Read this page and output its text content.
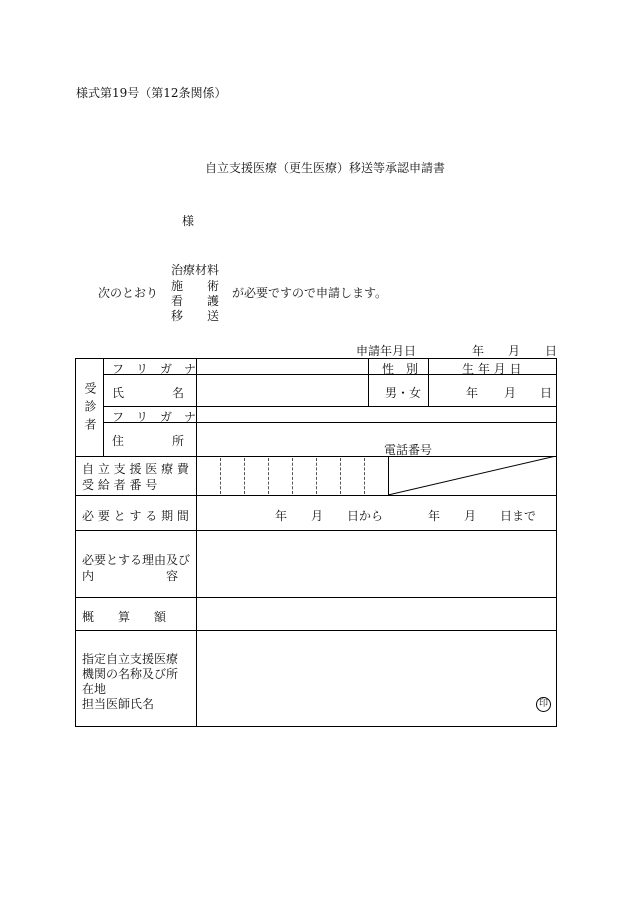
様式第19号（第12条関係）
自立支援医療（更生医療）移送等承認申請書
様
次のとおり
治療材料
施　　術
看　　護
移　　送
が必要ですので申請します。
申請年月日	年 月 日
受診者
フ　リ　ガ　ナ	性　別	生 年 月 日
氏　　　　名	男・女	年 月 日
フ　リ　ガ　ナ
住　　　　所
電話番号
自 立 支 援 医 療 費
受 給 者 番 号
必 要 と す る 期 間	年 月 日から	年 月 日まで
必要とする理由及び
内　　　　　　容
概　　算　　額
指定自立支援医療
機関の名称及び所
在地
担当医師氏名	印
